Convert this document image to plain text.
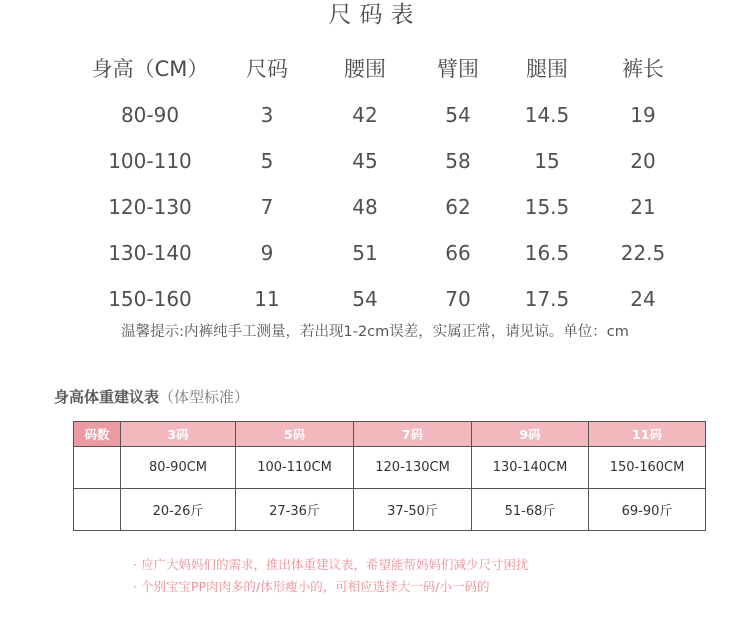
尺码表
身高（CM）	尺码	腰围	臂围	腿围	裤长
80-90	3	42	54	14.5	19
100-110	5	45	58	15	20
120-130	7	48	62	15.5	21
130-140	9	51	66	16.5	22.5
150-160	11	54	70	17.5	24
温馨提示:内裤纯手工测量，若出现1-2cm误差，实属正常，请见谅。单位：cm
身高体重建议表（体型标准）
码数	3码	5码	7码	9码	11码
身高	80-90CM	100-110CM	120-130CM	130-140CM	150-160CM
体重	20-26斤	27-36斤	37-50斤	51-68斤	69-90斤
· 应广大妈妈们的需求，推出体重建议表，希望能帮妈妈们减少尺寸困扰
· 个别宝宝PP肉肉多的/体形瘦小的，可相应选择大一码/小一码的
